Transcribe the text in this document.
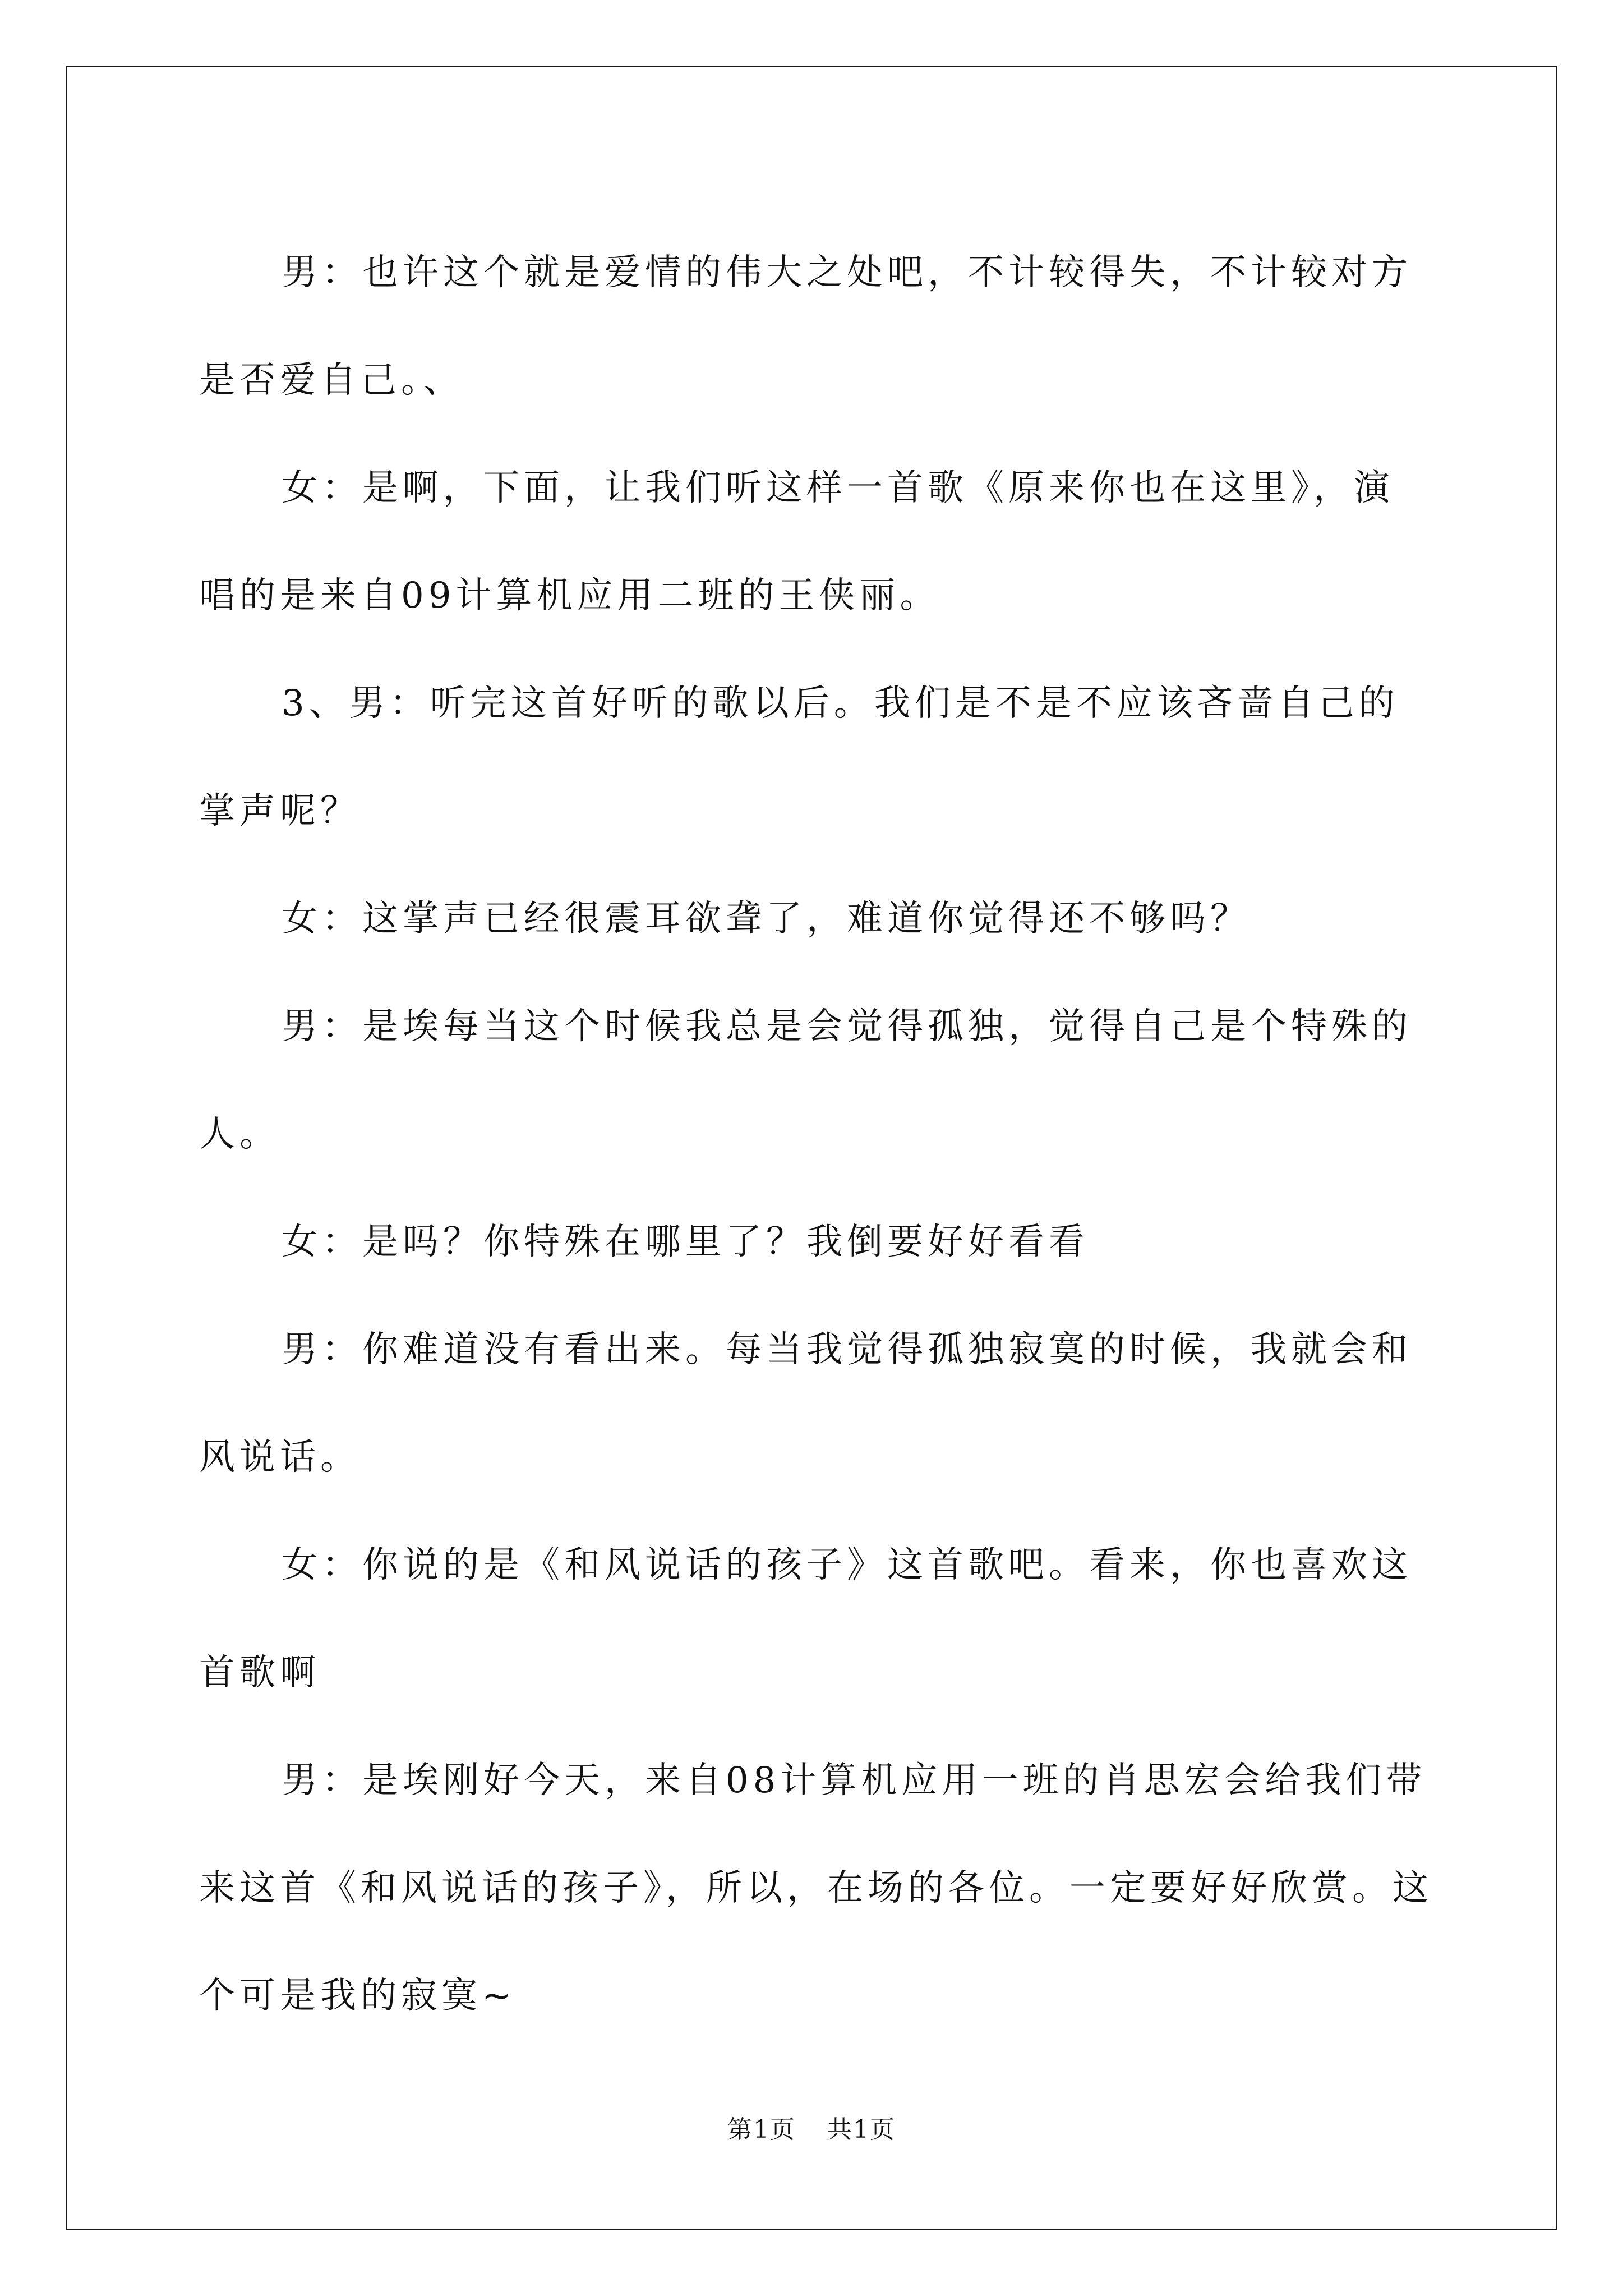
男：也许这个就是爱情的伟大之处吧，不计较得失，不计较对方是否爱自己。、

女：是啊，下面，让我们听这样一首歌《原来你也在这里》，演唱的是来自09计算机应用二班的王侠丽。

3、男：听完这首好听的歌以后。我们是不是不应该吝啬自己的掌声呢？

女：这掌声已经很震耳欲聋了，难道你觉得还不够吗？

男：是埃每当这个时候我总是会觉得孤独，觉得自己是个特殊的人。

女：是吗？你特殊在哪里了？我倒要好好看看

男：你难道没有看出来。每当我觉得孤独寂寞的时候，我就会和风说话。

女：你说的是《和风说话的孩子》这首歌吧。看来，你也喜欢这首歌啊

男：是埃刚好今天，来自08计算机应用一班的肖思宏会给我们带来这首《和风说话的孩子》，所以，在场的各位。一定要好好欣赏。这个可是我的寂寞~

第1页 共1页
